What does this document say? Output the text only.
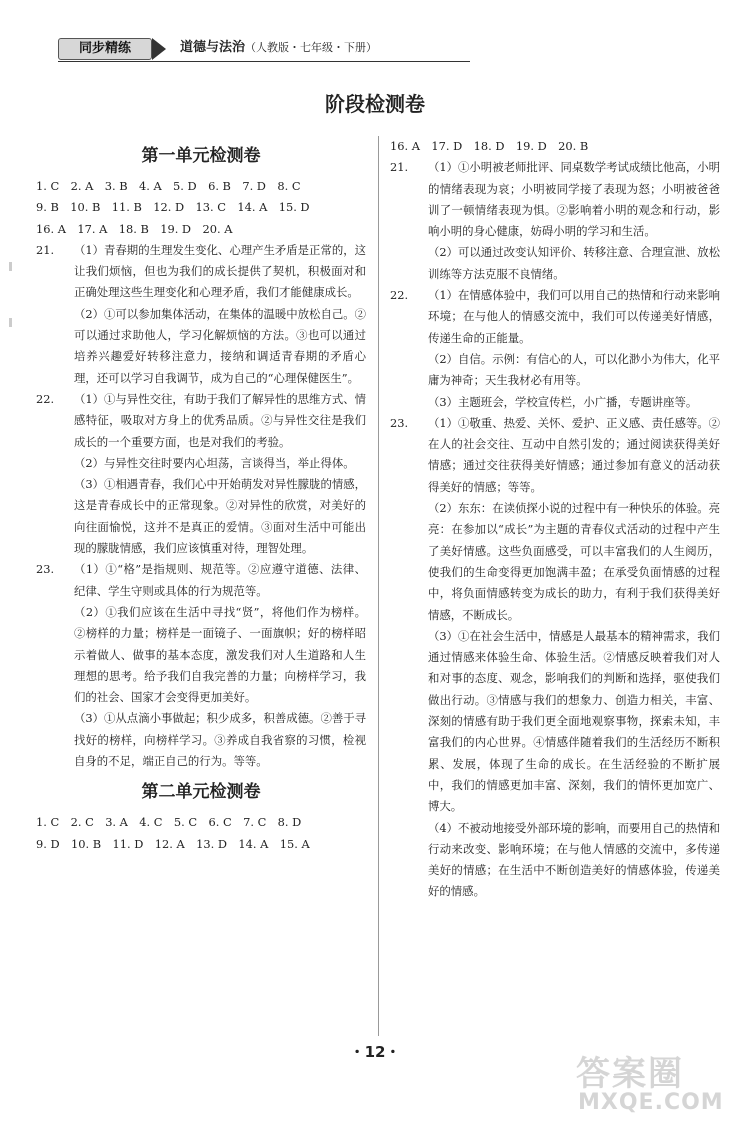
同步精练	道德与法治（人教版・七年级・下册）
阶段检测卷
第一单元检测卷
1. C　2. A　3. B　4. A　5. D　6. B　7. D　8. C
9. B　10. B　11. B　12. D　13. C　14. A　15. D
16. A　17. A　18. B　19. D　20. A
21.	（1）青春期的生理发生变化、心理产生矛盾是正常的，这让我们烦恼，但也为我们的成长提供了契机，积极面对和正确处理这些生理变化和心理矛盾，我们才能健康成长。

（2）①可以参加集体活动，在集体的温暖中放松自己。②可以通过求助他人，学习化解烦恼的方法。③也可以通过培养兴趣爱好转移注意力，接纳和调适青春期的矛盾心理，还可以学习自我调节，成为自己的“心理保健医生”。

22.	（1）①与异性交往，有助于我们了解异性的思维方式、情感特征，吸取对方身上的优秀品质。②与异性交往是我们成长的一个重要方面，也是对我们的考验。

（2）与异性交往时要内心坦荡，言谈得当，举止得体。

（3）①相遇青春，我们心中开始萌发对异性朦胧的情感，这是青春成长中的正常现象。②对异性的欣赏，对美好的向往面愉悦，这并不是真正的爱情。③面对生活中可能出现的朦胧情感，我们应该慎重对待，理智处理。

23.	（1）①“格”是指规则、规范等。②应遵守道德、法律、纪律、学生守则或具体的行为规范等。

（2）①我们应该在生活中寻找“贤”，将他们作为榜样。②榜样的力量；榜样是一面镜子、一面旗帜；好的榜样昭示着做人、做事的基本态度，激发我们对人生道路和人生理想的思考。给予我们自我完善的力量；向榜样学习，我们的社会、国家才会变得更加美好。

（3）①从点滴小事做起；积少成多，积善成德。②善于寻找好的榜样，向榜样学习。③养成自我省察的习惯，检视自身的不足，端正自己的行为。等等。

第二单元检测卷
1. C　2. C　3. A　4. C　5. C　6. C　7. C　8. D
9. D　10. B　11. D　12. A　13. D　14. A　15. A
16. A　17. D　18. D　19. D　20. B
21.	（1）①小明被老师批评、同桌数学考试成绩比他高，小明的情绪表现为哀；小明被同学接了表现为怒；小明被爸爸训了一顿情绪表现为惧。②影响着小明的观念和行动，影响小明的身心健康，妨碍小明的学习和生活。

（2）可以通过改变认知评价、转移注意、合理宣泄、放松训练等方法克服不良情绪。

22.	（1）在情感体验中，我们可以用自己的热情和行动来影响环境；在与他人的情感交流中，我们可以传递美好情感，传递生命的正能量。

（2）自信。示例：有信心的人，可以化渺小为伟大，化平庸为神奇；天生我材必有用等。

（3）主题班会，学校宣传栏，小广播，专题讲座等。

23.	（1）①敬重、热爱、关怀、爱护、正义感、责任感等。②在人的社会交往、互动中自然引发的；通过阅读获得美好情感；通过交往获得美好情感；通过参加有意义的活动获得美好的情感；等等。

（2）东东：在读侦探小说的过程中有一种快乐的体验。亮亮：在参加以“成长”为主题的青春仪式活动的过程中产生了美好情感。这些负面感受，可以丰富我们的人生阅历，使我们的生命变得更加饱满丰盈；在承受负面情感的过程中，将负面情感转变为成长的助力，有利于我们获得美好情感，不断成长。

（3）①在社会生活中，情感是人最基本的精神需求，我们通过情感来体验生命、体验生活。②情感反映着我们对人和对事的态度、观念，影响我们的判断和选择，驱使我们做出行动。③情感与我们的想象力、创造力相关，丰富、深刻的情感有助于我们更全面地观察事物，探索未知，丰富我们的内心世界。④情感伴随着我们的生活经历不断积累、发展，体现了生命的成长。在生活经验的不断扩展中，我们的情感更加丰富、深刻，我们的情怀更加宽广、博大。

（4）不被动地接受外部环境的影响，而要用自己的热情和行动来改变、影响环境；在与他人情感的交流中，多传递美好的情感；在生活中不断创造美好的情感体验，传递美好的情感。

・12・
答案圈
MXQE.COM
